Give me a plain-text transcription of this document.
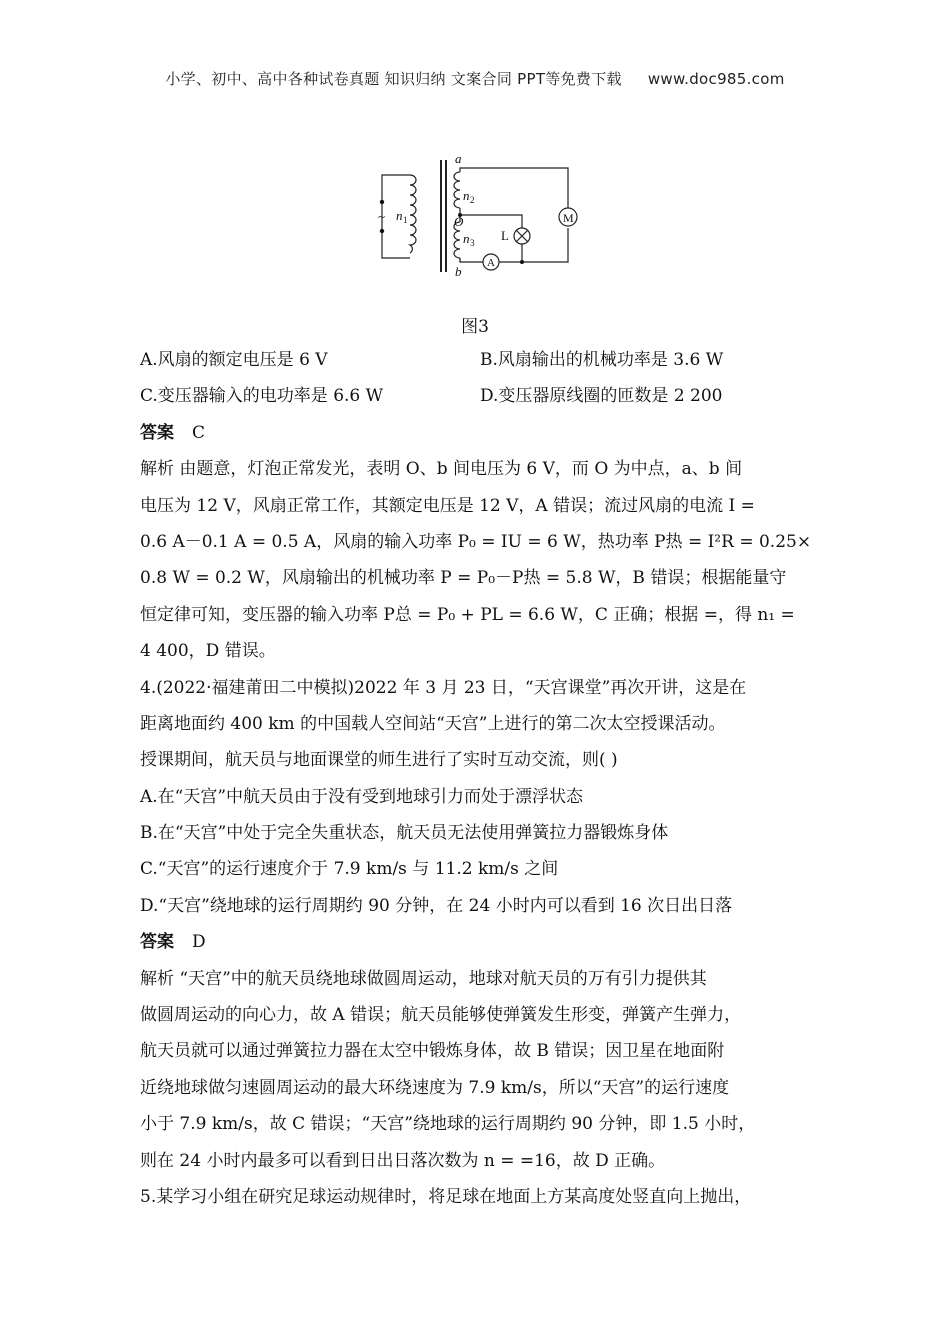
小学、初中、高中各种试卷真题 知识归纳 文案合同 PPT等免费下载 www.doc985.com
a
b
O
n 1
n 2
n 3
M
A
L
~
图3
A.风扇的额定电压是 6 V	B.风扇输出的机械功率是 3.6 W
C.变压器输入的电功率是 6.6 W	D.变压器原线圈的匝数是 2 200
答案 C
解析 由题意，灯泡正常发光，表明 O、b 间电压为 6 V，而 O 为中点，a、b 间
电压为 12 V，风扇正常工作，其额定电压是 12 V，A 错误；流过风扇的电流 I =
0.6 A－0.1 A = 0.5 A，风扇的输入功率 P₀ = IU = 6 W，热功率 P热 = I²R = 0.25×
0.8 W = 0.2 W，风扇输出的机械功率 P = P₀－P热 = 5.8 W，B 错误；根据能量守
恒定律可知，变压器的输入功率 P总 = P₀ + PL = 6.6 W，C 正确；根据 =，得 n₁ =
4 400，D 错误。
4.(2022·福建莆田二中模拟)2022 年 3 月 23 日，“天宫课堂”再次开讲，这是在
距离地面约 400 km 的中国载人空间站“天宫”上进行的第二次太空授课活动。
授课期间，航天员与地面课堂的师生进行了实时互动交流，则( )
A.在“天宫”中航天员由于没有受到地球引力而处于漂浮状态
B.在“天宫”中处于完全失重状态，航天员无法使用弹簧拉力器锻炼身体
C.“天宫”的运行速度介于 7.9 km/s 与 11.2 km/s 之间
D.“天宫”绕地球的运行周期约 90 分钟，在 24 小时内可以看到 16 次日出日落
答案 D
解析 “天宫”中的航天员绕地球做圆周运动，地球对航天员的万有引力提供其
做圆周运动的向心力，故 A 错误；航天员能够使弹簧发生形变，弹簧产生弹力，
航天员就可以通过弹簧拉力器在太空中锻炼身体，故 B 错误；因卫星在地面附
近绕地球做匀速圆周运动的最大环绕速度为 7.9 km/s，所以“天宫”的运行速度
小于 7.9 km/s，故 C 错误；“天宫”绕地球的运行周期约 90 分钟，即 1.5 小时，
则在 24 小时内最多可以看到日出日落次数为 n = =16，故 D 正确。
5.某学习小组在研究足球运动规律时，将足球在地面上方某高度处竖直向上抛出，
